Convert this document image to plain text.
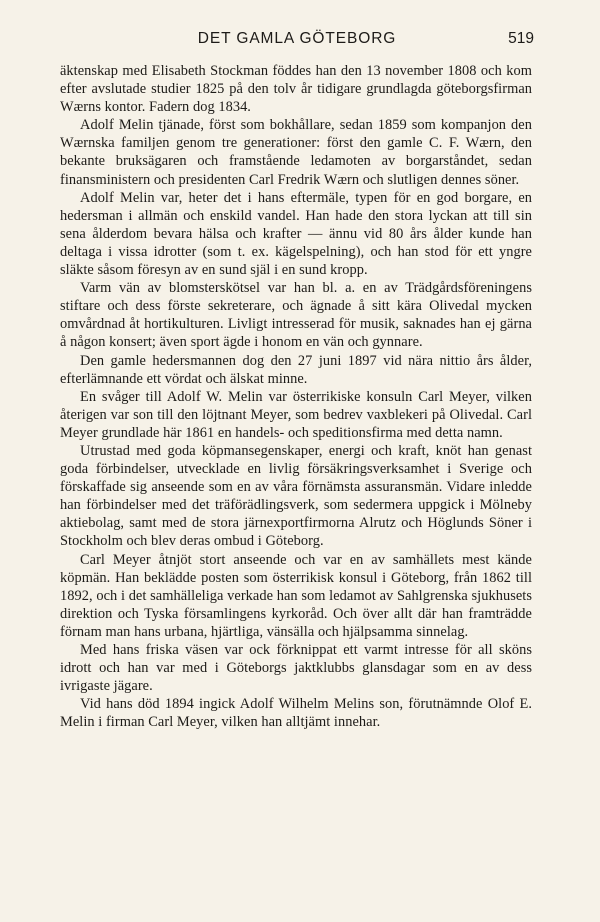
DET GAMLA GÖTEBORG	519

äktenskap med Elisabeth Stockman föddes han den 13 november 1808 och kom efter avslutade studier 1825 på den tolv år tidigare grundlagda göteborgsfirman Wærns kontor. Fadern dog 1834.

Adolf Melin tjänade, först som bokhållare, sedan 1859 som kompanjon den Wærnska familjen genom tre generationer: först den gamle C. F. Wærn, den bekante bruksägaren och framstående ledamoten av borgarståndet, sedan finansministern och presidenten Carl Fredrik Wærn och slutligen dennes söner.

Adolf Melin var, heter det i hans eftermäle, typen för en god borgare, en hedersman i allmän och enskild vandel. Han hade den stora lyckan att till sin sena ålderdom bevara hälsa och krafter — ännu vid 80 års ålder kunde han deltaga i vissa idrotter (som t. ex. kägelspelning), och han stod för ett yngre släkte såsom föresyn av en sund själ i en sund kropp.

Varm vän av blomsterskötsel var han bl. a. en av Trädgårdsföreningens stiftare och dess förste sekreterare, och ägnade å sitt kära Olivedal mycken omvårdnad åt hortikulturen. Livligt intresserad för musik, saknades han ej gärna å någon konsert; även sport ägde i honom en vän och gynnare.

Den gamle hedersmannen dog den 27 juni 1897 vid nära nittio års ålder, efterlämnande ett vördat och älskat minne.

En svåger till Adolf W. Melin var österrikiske konsuln Carl Meyer, vilken återigen var son till den löjtnant Meyer, som bedrev vaxblekeri på Olivedal. Carl Meyer grundlade här 1861 en handels- och speditionsfirma med detta namn.

Utrustad med goda köpmansegenskaper, energi och kraft, knöt han genast goda förbindelser, utvecklade en livlig försäkringsverksamhet i Sverige och förskaffade sig anseende som en av våra förnämsta assuransmän. Vidare inledde han förbindelser med det träförädlingsverk, som sedermera uppgick i Mölneby aktiebolag, samt med de stora järnexportfirmorna Alrutz och Höglunds Söner i Stockholm och blev deras ombud i Göteborg.

Carl Meyer åtnjöt stort anseende och var en av samhällets mest kände köpmän. Han beklädde posten som österrikisk konsul i Göteborg, från 1862 till 1892, och i det samhälleliga verkade han som ledamot av Sahlgrenska sjukhusets direktion och Tyska församlingens kyrkoråd. Och över allt där han framträdde förnam man hans urbana, hjärtliga, vänsälla och hjälpsamma sinnelag.

Med hans friska väsen var ock förknippat ett varmt intresse för all sköns idrott och han var med i Göteborgs jaktklubbs glansdagar som en av dess ivrigaste jägare.

Vid hans död 1894 ingick Adolf Wilhelm Melins son, förutnämnde Olof E. Melin i firman Carl Meyer, vilken han alltjämt innehar.
